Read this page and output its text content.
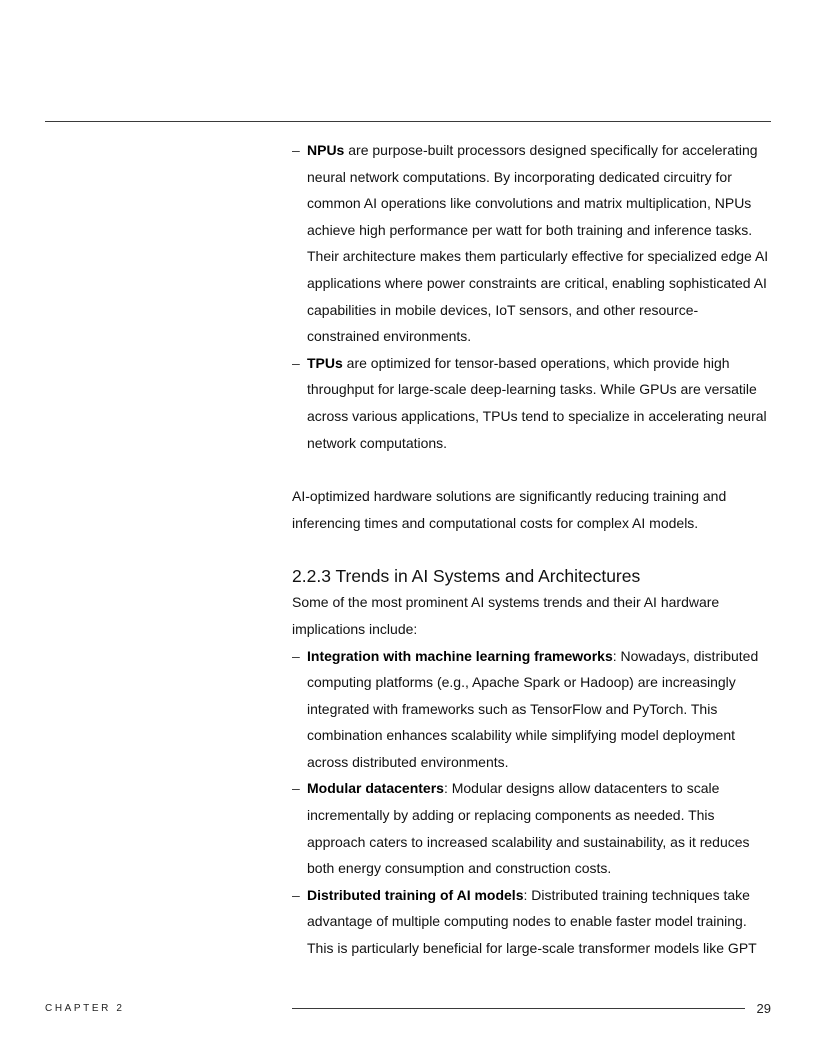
– NPUs are purpose-built processors designed specifically for accelerating neural network computations. By incorporating dedicated circuitry for common AI operations like convolutions and matrix multiplication, NPUs achieve high performance per watt for both training and inference tasks. Their architecture makes them particularly effective for specialized edge AI applications where power constraints are critical, enabling sophisticated AI capabilities in mobile devices, IoT sensors, and other resource-constrained environments.
– TPUs are optimized for tensor-based operations, which provide high throughput for large-scale deep-learning tasks. While GPUs are versatile across various applications, TPUs tend to specialize in accelerating neural network computations.

AI-optimized hardware solutions are significantly reducing training and inferencing times and computational costs for complex AI models.

2.2.3 Trends in AI Systems and Architectures

Some of the most prominent AI systems trends and their AI hardware implications include:

– Integration with machine learning frameworks: Nowadays, distributed computing platforms (e.g., Apache Spark or Hadoop) are increasingly integrated with frameworks such as TensorFlow and PyTorch. This combination enhances scalability while simplifying model deployment across distributed environments.
– Modular datacenters: Modular designs allow datacenters to scale incrementally by adding or replacing components as needed. This approach caters to increased scalability and sustainability, as it reduces both energy consumption and construction costs.
– Distributed training of AI models: Distributed training techniques take advantage of multiple computing nodes to enable faster model training. This is particularly beneficial for large-scale transformer models like GPT
CHAPTER 2	29
